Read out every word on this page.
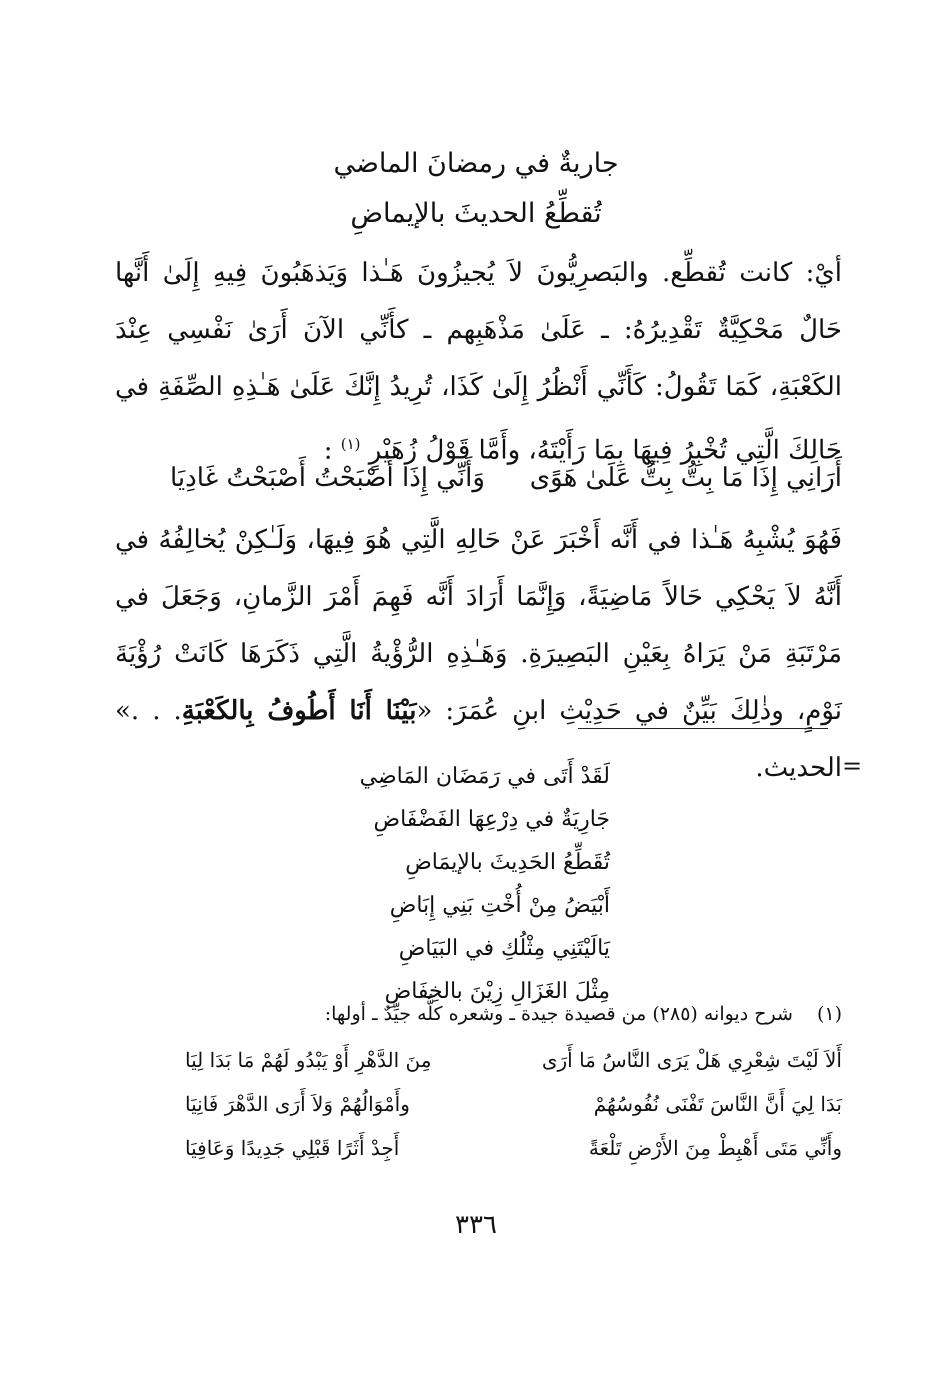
جاريةٌ في رمضانَ الماضي
تُقطِّعُ الحديثَ بالإيماضِ

أيْ: كانت تُقطِّع. والبَصرِيُّونَ لاَ يُجيزُونَ هَـٰذا وَيَذهَبُونَ فِيهِ إِلَىٰ أَنَّها حَالٌ مَحْكِيَّةٌ تَقْدِيرُهُ: ـ عَلَىٰ مَذْهَبِهم ـ كأَنِّي الآنَ أَرَىٰ نَفْسِي عِنْدَ الكَعْبَةِ، كَمَا تَقُولُ: كَأَنِّي أَنْظُرُ إِلَىٰ كَذَا، تُرِيدُ إِنَّكَ عَلَىٰ هَـٰذِهِ الصِّفَةِ في حَالِكَ الَّتِي تُخْبِرُ فِيهَا بِمَا رَأَيْتَهُ، وأَمَّا قَوْلُ زُهَيْرٍ $^{(١)}$ :

أَرَانِي إِذَا مَا بِتُّ بِتُّ عَلَىٰ هَوًى
وَأَنِّي إِذَا أَصْبَحْتُ أَصْبَحْتُ غَادِيَا

فَهُوَ يُشْبِهُ هَـٰذا في أَنَّه أَخْبَرَ عَنْ حَالِهِ الَّتِي هُوَ فِيهَا، وَلَـٰكِنْ يُخالِفُهُ في أَنَّهُ لاَ يَحْكِي حَالاً مَاضِيَةً، وَإِنَّمَا أَرَادَ أَنَّه فَهِمَ أَمْرَ الزَّمانِ، وَجَعَلَ في مَرْتَبَةِ مَنْ يَرَاهُ بِعَيْنِ البَصِيرَةِ. وَهَـٰذِهِ الرُّؤْيةُ الَّتِي ذَكَرَهَا كَانَتْ رُؤْيَةَ نَوْمٍ، وذٰلِكَ بَيِّنٌ في حَدِيْثِ ابنِ عُمَرَ: «بَيْنَا أَنَا أَطُوفُ بِالكَعْبَةِ. . .» الحديث. =
لَقَدْ أَتَى في رَمَضَان المَاضِي
جَارِيَةٌ في دِرْعِهَا الفَضْفَاضِ
تُقَطِّعُ الحَدِيثَ بالإيمَاضِ
أَبْيَضُ مِنْ أُخْتِ بَنِي إِبَاضِ
يَالَيْتَنِي مِثْلُكِ في البَيَاضِ
مِثْلَ الغَزَالِ زِيْنَ بالخِفَاضِ
(١) شرح ديوانه (٢٨٥) من قصيدة جيدة ـ وشعره كلُّه جيِّدٌ ـ أولها:
أَلاَ لَيْتَ شِعْرِي هَلْ يَرَى النَّاسُ مَا أَرَى
مِنَ الدَّهْرِ أَوْ يَبْدُو لَهُمْ مَا بَدَا لِيَا
بَدَا لِيَ أَنَّ النَّاسَ تَفْنَى نُفُوسُهُمْ
وأَمْوَالُهُمْ وَلاَ أَرَى الدَّهْرَ فَانِيَا
وأَنِّي مَتَى أَهْبِطْ مِنَ الأَرْضِ تَلْعَةً
أَجِدْ أَثَرًا قَبْلِي جَدِيدًا وَعَافِيَا
٣٣٦
